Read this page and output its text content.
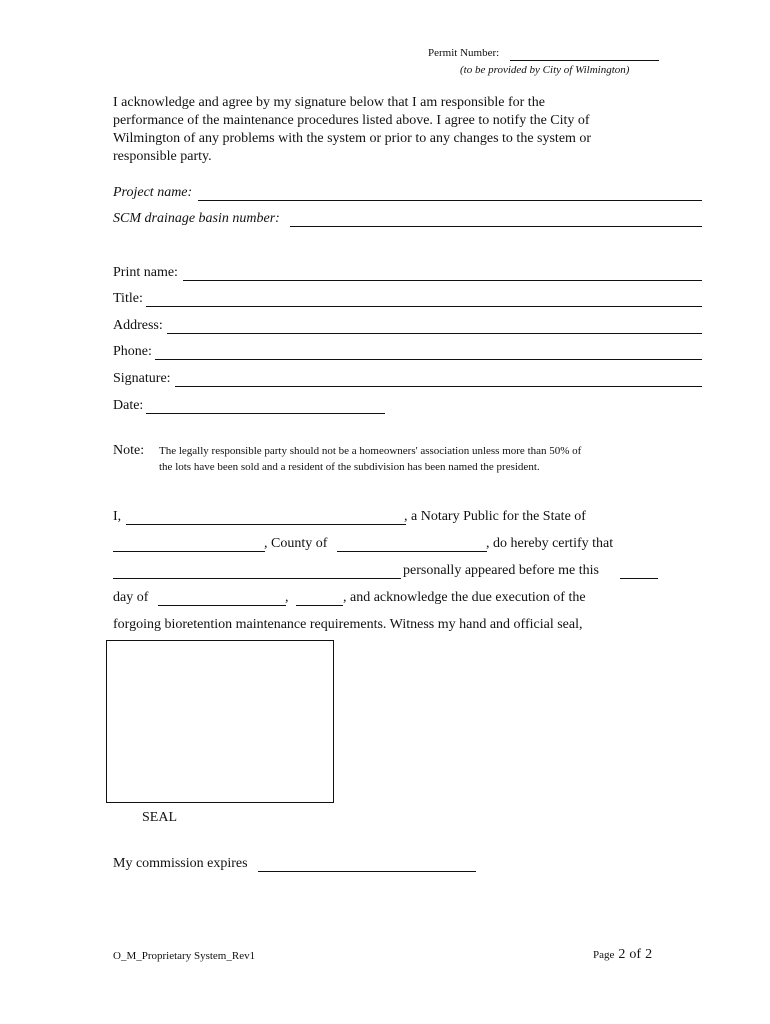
Permit Number:
(to be provided by City of Wilmington)
I acknowledge and agree by my signature below that I am responsible for the
performance of the maintenance procedures listed above. I agree to notify the City of
Wilmington of any problems with the system or prior to any changes to the system or
responsible party.
Project name:
SCM drainage basin number:
Print name:
Title:
Address:
Phone:
Signature:
Date:
Note: The legally responsible party should not be a homeowners' association unless more than 50% of
the lots have been sold and a resident of the subdivision has been named the president.
I,	, a Notary Public for the State of
, County of	, do hereby certify that
personally appeared before me this
day of	,	, and acknowledge the due execution of the
forgoing bioretention maintenance requirements. Witness my hand and official seal,
SEAL
My commission expires
O_M_Proprietary System_Rev1	Page 2 of 2
